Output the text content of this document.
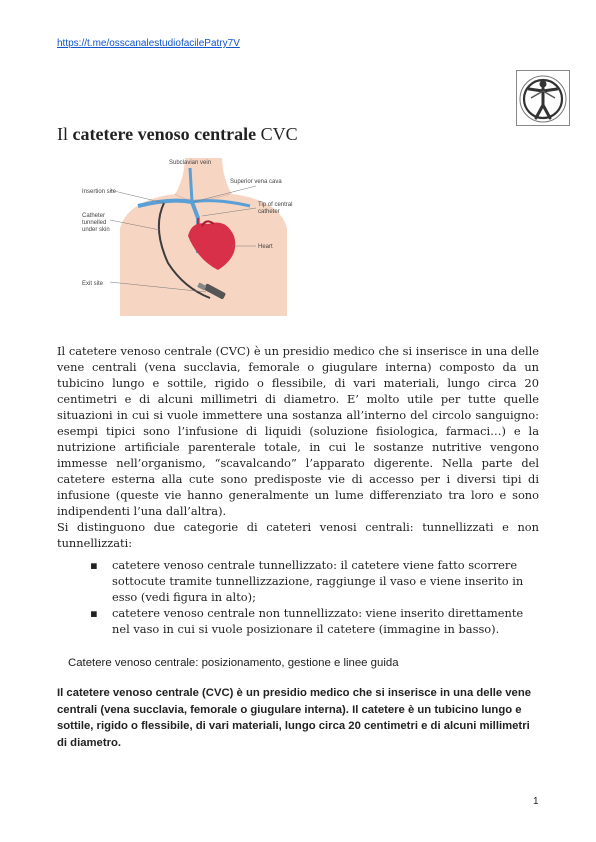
https://t.me/osscanalestudiofacilePatry7V
Il catetere venoso centrale CVC
Subclavian vein
Superior vena cava
Insertion site
Catheter
tunnelled
under skin
Tip of central
catheter
Heart
Exit site

Il catetere venoso centrale (CVC) è un presidio medico che si inserisce in una delle vene centrali (vena succlavia, femorale o giugulare interna) composto da un tubicino lungo e sottile, rigido o flessibile, di vari materiali, lungo circa 20 centimetri e di alcuni millimetri di diametro. E’ molto utile per tutte quelle situazioni in cui si vuole immettere una sostanza all’interno del circolo sanguigno: esempi tipici sono l’infusione di liquidi (soluzione fisiologica, farmaci…) e la nutrizione artificiale parenterale totale, in cui le sostanze nutritive vengono immesse nell’organismo, “scavalcando” l’apparato digerente. Nella parte del catetere esterna alla cute sono predisposte vie di accesso per i diversi tipi di infusione (queste vie hanno generalmente un lume differenziato tra loro e sono indipendenti l’una dall’altra).

Si distinguono due categorie di cateteri venosi centrali: tunnellizzati e non tunnellizzati:

▪ catetere venoso centrale tunnellizzato: il catetere viene fatto scorrere sottocute tramite tunnellizzazione, raggiunge il vaso e viene inserito in esso (vedi figura in alto);
▪ catetere venoso centrale non tunnellizzato: viene inserito direttamente nel vaso in cui si vuole posizionare il catetere (immagine in basso).
Catetere venoso centrale: posizionamento, gestione e linee guida

Il catetere venoso centrale (CVC) è un presidio medico che si inserisce in una delle vene centrali (vena succlavia, femorale o giugulare interna). Il catetere è un tubicino lungo e sottile, rigido o flessibile, di vari materiali, lungo circa 20 centimetri e di alcuni millimetri di diametro.

1
